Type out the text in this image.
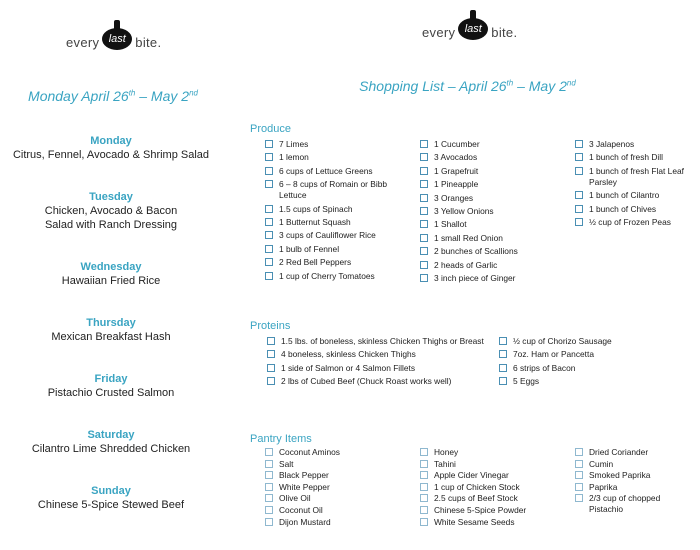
every last bite.
every last bite.
Monday April 26th – May 2nd	Shopping List – April 26th – May 2nd
Monday
Citrus, Fennel, Avocado & Shrimp Salad
Tuesday
Chicken, Avocado & Bacon
Salad with Ranch Dressing
Wednesday
Hawaiian Fried Rice
Thursday
Mexican Breakfast Hash
Friday
Pistachio Crusted Salmon
Saturday
Cilantro Lime Shredded Chicken
Sunday
Chinese 5-Spice Stewed Beef
Produce
Proteins
Pantry Items
7 Limes
1 lemon
6 cups of Lettuce Greens
6 – 8 cups of Romain or Bibb Lettuce
1.5 cups of Spinach
1 Butternut Squash
3 cups of Cauliflower Rice
1 bulb of Fennel
2 Red Bell Peppers
1 cup of Cherry Tomatoes
1 Cucumber
3 Avocados
1 Grapefruit
1 Pineapple
3 Oranges
3 Yellow Onions
1 Shallot
1 small Red Onion
2 bunches of Scallions
2 heads of Garlic
3 inch piece of Ginger
3 Jalapenos
1 bunch of fresh Dill
1 bunch of fresh Flat Leaf Parsley
1 bunch of Cilantro
1 bunch of Chives
½ cup of Frozen Peas
1.5 lbs. of boneless, skinless Chicken Thighs or Breast
4 boneless, skinless Chicken Thighs
1 side of Salmon or 4 Salmon Fillets
2 lbs of Cubed Beef (Chuck Roast works well)
½ cup of Chorizo Sausage
7oz. Ham or Pancetta
6 strips of Bacon
5 Eggs
Coconut Aminos
Salt
Black Pepper
White Pepper
Olive Oil
Coconut Oil
Dijon Mustard
Honey
Tahini
Apple Cider Vinegar
1 cup of Chicken Stock
2.5 cups of Beef Stock
Chinese 5-Spice Powder
White Sesame Seeds
Dried Coriander
Cumin
Smoked Paprika
Paprika
2/3 cup of chopped Pistachio
